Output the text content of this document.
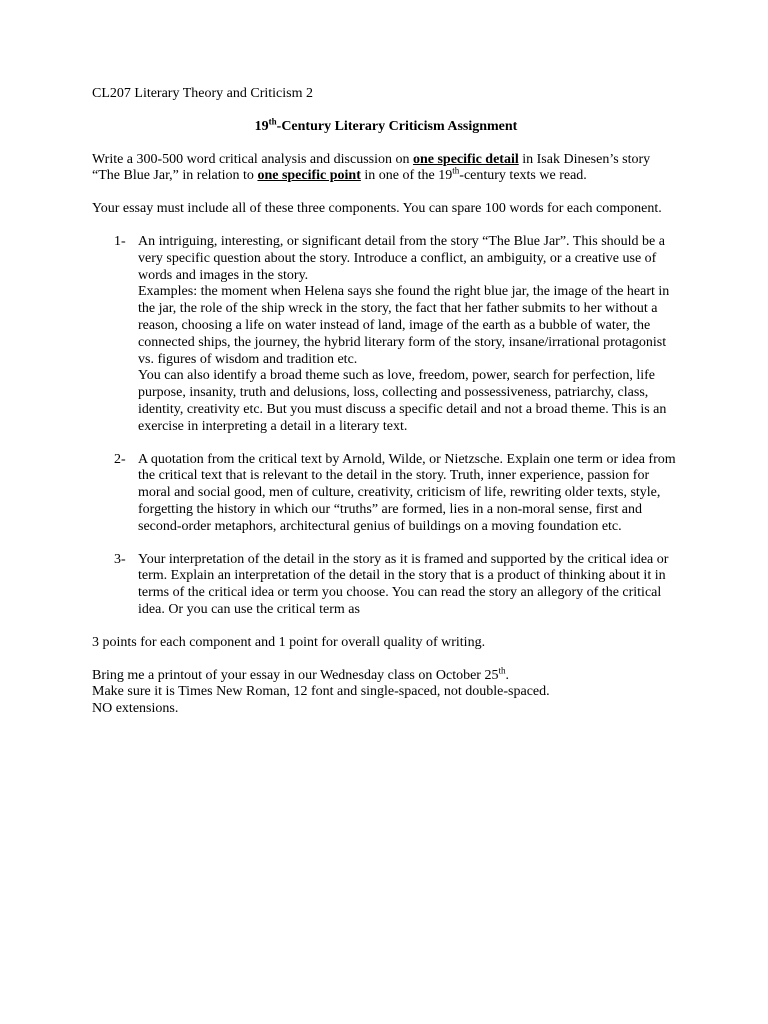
CL207 Literary Theory and Criticism 2

19th-Century Literary Criticism Assignment

Write a 300-500 word critical analysis and discussion on one specific detail in Isak Dinesen’s story “The Blue Jar,” in relation to one specific point in one of the 19th-century texts we read.

Your essay must include all of these three components. You can spare 100 words for each component.

1- An intriguing, interesting, or significant detail from the story “The Blue Jar”. This should be a very specific question about the story. Introduce a conflict, an ambiguity, or a creative use of words and images in the story.
Examples: the moment when Helena says she found the right blue jar, the image of the heart in the jar, the role of the ship wreck in the story, the fact that her father submits to her without a reason, choosing a life on water instead of land, image of the earth as a bubble of water, the connected ships, the journey, the hybrid literary form of the story, insane/irrational protagonist vs. figures of wisdom and tradition etc.
You can also identify a broad theme such as love, freedom, power, search for perfection, life purpose, insanity, truth and delusions, loss, collecting and possessiveness, patriarchy, class, identity, creativity etc. But you must discuss a specific detail and not a broad theme. This is an exercise in interpreting a detail in a literary text.
2- A quotation from the critical text by Arnold, Wilde, or Nietzsche. Explain one term or idea from the critical text that is relevant to the detail in the story. Truth, inner experience, passion for moral and social good, men of culture, creativity, criticism of life, rewriting older texts, style, forgetting the history in which our “truths” are formed, lies in a non-moral sense, first and second-order metaphors, architectural genius of buildings on a moving foundation etc.
3- Your interpretation of the detail in the story as it is framed and supported by the critical idea or term. Explain an interpretation of the detail in the story that is a product of thinking about it in terms of the critical idea or term you choose. You can read the story an allegory of the critical idea. Or you can use the critical term as

3 points for each component and 1 point for overall quality of writing.

Bring me a printout of your essay in our Wednesday class on October 25th.
Make sure it is Times New Roman, 12 font and single-spaced, not double-spaced.
NO extensions.
